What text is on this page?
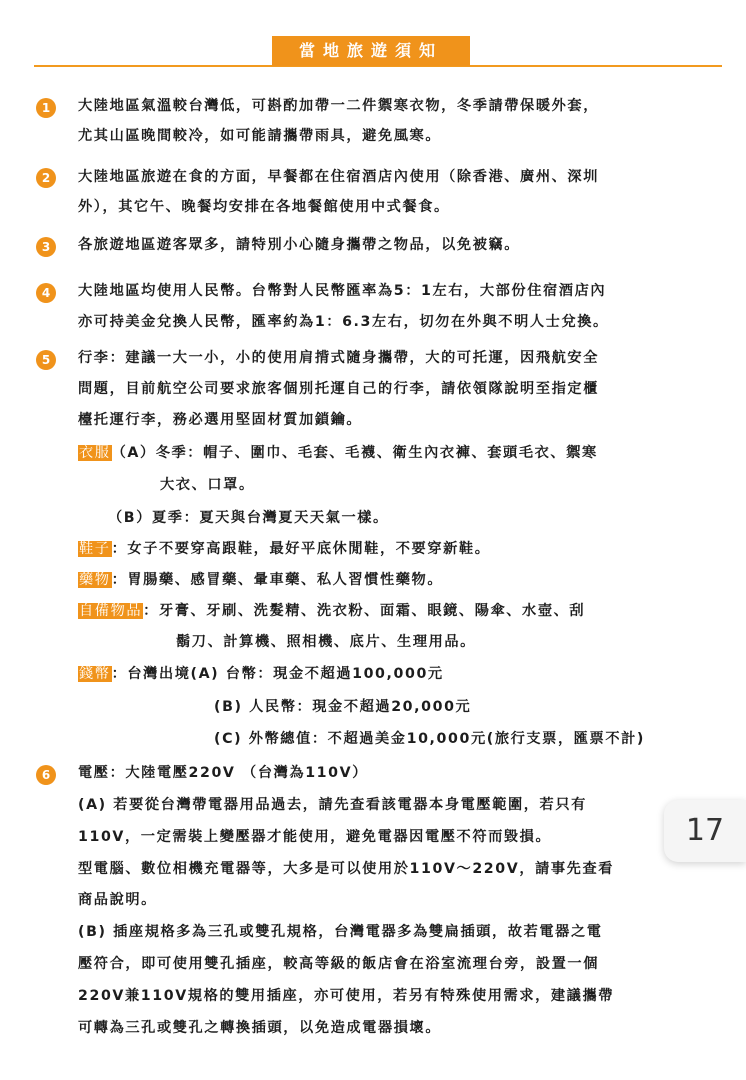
當地旅遊須知
1	大陸地區氣溫較台灣低，可斟酌加帶一二件禦寒衣物，冬季請帶保暖外套，
尤其山區晚間較冷，如可能請攜帶雨具，避免風寒。
2	大陸地區旅遊在食的方面，早餐都在住宿酒店內使用（除香港、廣州、深圳
外），其它午、晚餐均安排在各地餐館使用中式餐食。
3	各旅遊地區遊客眾多，請特別小心隨身攜帶之物品，以免被竊。
4	大陸地區均使用人民幣。台幣對人民幣匯率為5：1左右，大部份住宿酒店內
亦可持美金兌換人民幣，匯率約為1：6.3左右，切勿在外與不明人士兌換。
5	行李：建議一大一小，小的使用肩揹式隨身攜帶，大的可托運，因飛航安全
問題，目前航空公司要求旅客個別托運自己的行李，請依領隊說明至指定櫃
檯托運行李，務必選用堅固材質加鎖鑰。
衣服（A）冬季：帽子、圍巾、毛套、毛襪、衛生內衣褲、套頭毛衣、禦寒
大衣、口罩。
（B）夏季：夏天與台灣夏天天氣一樣。
鞋子：女子不要穿高跟鞋，最好平底休閒鞋，不要穿新鞋。
藥物：胃腸藥、感冒藥、暈車藥、私人習慣性藥物。
自備物品：牙膏、牙刷、洗髮精、洗衣粉、面霜、眼鏡、陽傘、水壺、刮
鬍刀、計算機、照相機、底片、生理用品。
錢幣：台灣出境(A) 台幣：現金不超過100,000元
(B) 人民幣：現金不超過20,000元
(C) 外幣總值：不超過美金10,000元(旅行支票，匯票不計)
6	電壓：大陸電壓220V （台灣為110V）
(A) 若要從台灣帶電器用品過去，請先查看該電器本身電壓範圍，若只有
110V，一定需裝上變壓器才能使用，避免電器因電壓不符而毀損。
型電腦、數位相機充電器等，大多是可以使用於110V～220V，請事先查看
商品說明。
(B) 插座規格多為三孔或雙孔規格，台灣電器多為雙扁插頭，故若電器之電
壓符合，即可使用雙孔插座，較高等級的飯店會在浴室流理台旁，設置一個
220V兼110V規格的雙用插座，亦可使用，若另有特殊使用需求，建議攜帶
可轉為三孔或雙孔之轉換插頭，以免造成電器損壞。
17
